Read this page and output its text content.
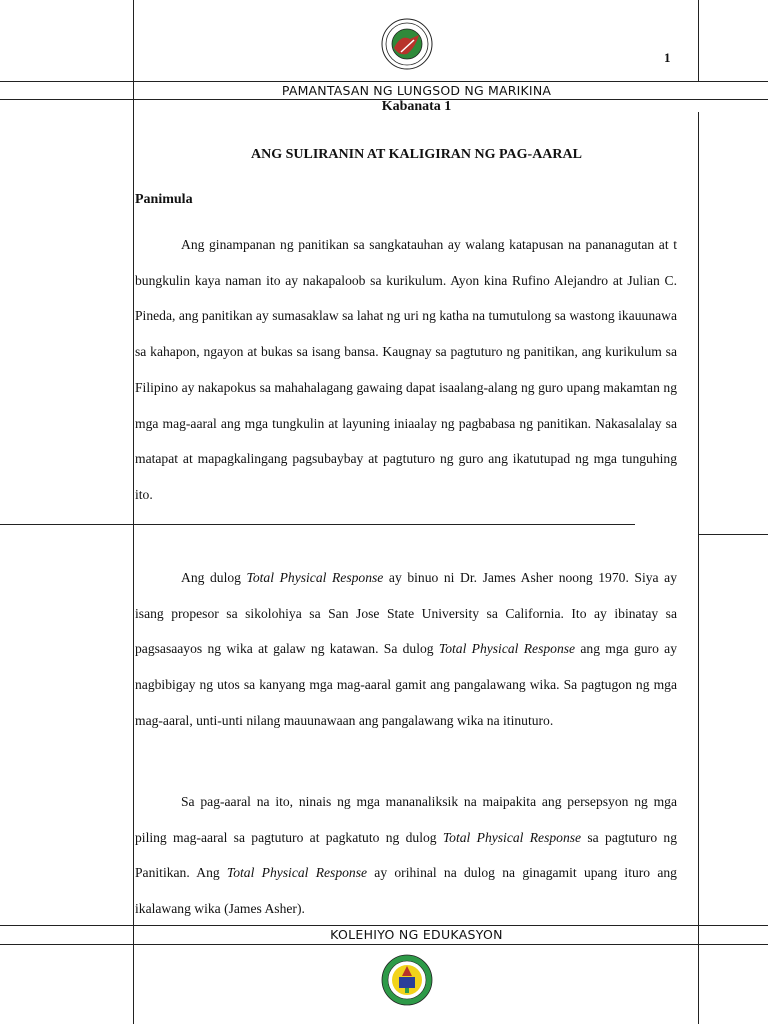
1
PAMANTASAN NG LUNGSOD NG MARIKINA
Kabanata 1
ANG SULIRANIN AT KALIGIRAN NG PAG-AARAL
Panimula

Ang ginampanan ng panitikan sa sangkatauhan ay walang katapusan na pananagutan at t bungkulin kaya naman ito ay nakapaloob sa kurikulum. Ayon kina Rufino Alejandro at Julian C. Pineda, ang panitikan ay sumasaklaw sa lahat ng uri ng katha na tumutulong sa wastong ikauunawa sa kahapon, ngayon at bukas sa isang bansa. Kaugnay sa pagtuturo ng panitikan, ang kurikulum sa Filipino ay nakapokus sa mahahalagang gawaing dapat isaalang-alang ng guro upang makamtan ng mga mag-aaral ang mga tungkulin at layuning iniaalay ng pagbabasa ng panitikan. Nakasalalay sa matapat at mapagkalingang pagsubaybay at pagtuturo ng guro ang ikatutupad ng mga tunguhing ito.

Ang dulog Total Physical Response ay binuo ni Dr. James Asher noong 1970. Siya ay isang propesor sa sikolohiya sa San Jose State University sa California. Ito ay ibinatay sa pagsasaayos ng wika at galaw ng katawan. Sa dulog Total Physical Response ang mga guro ay nagbibigay ng utos sa kanyang mga mag-aaral gamit ang pangalawang wika. Sa pagtugon ng mga mag-aaral, unti-unti nilang mauunawaan ang pangalawang wika na itinuturo.

Sa pag-aaral na ito, ninais ng mga mananaliksik na maipakita ang persepsyon ng mga piling mag-aaral sa pagtuturo at pagkatuto ng dulog Total Physical Response sa pagtuturo ng Panitikan. Ang Total Physical Response ay orihinal na dulog na ginagamit upang ituro ang ikalawang wika (James Asher).

KOLEHIYO NG EDUKASYON
